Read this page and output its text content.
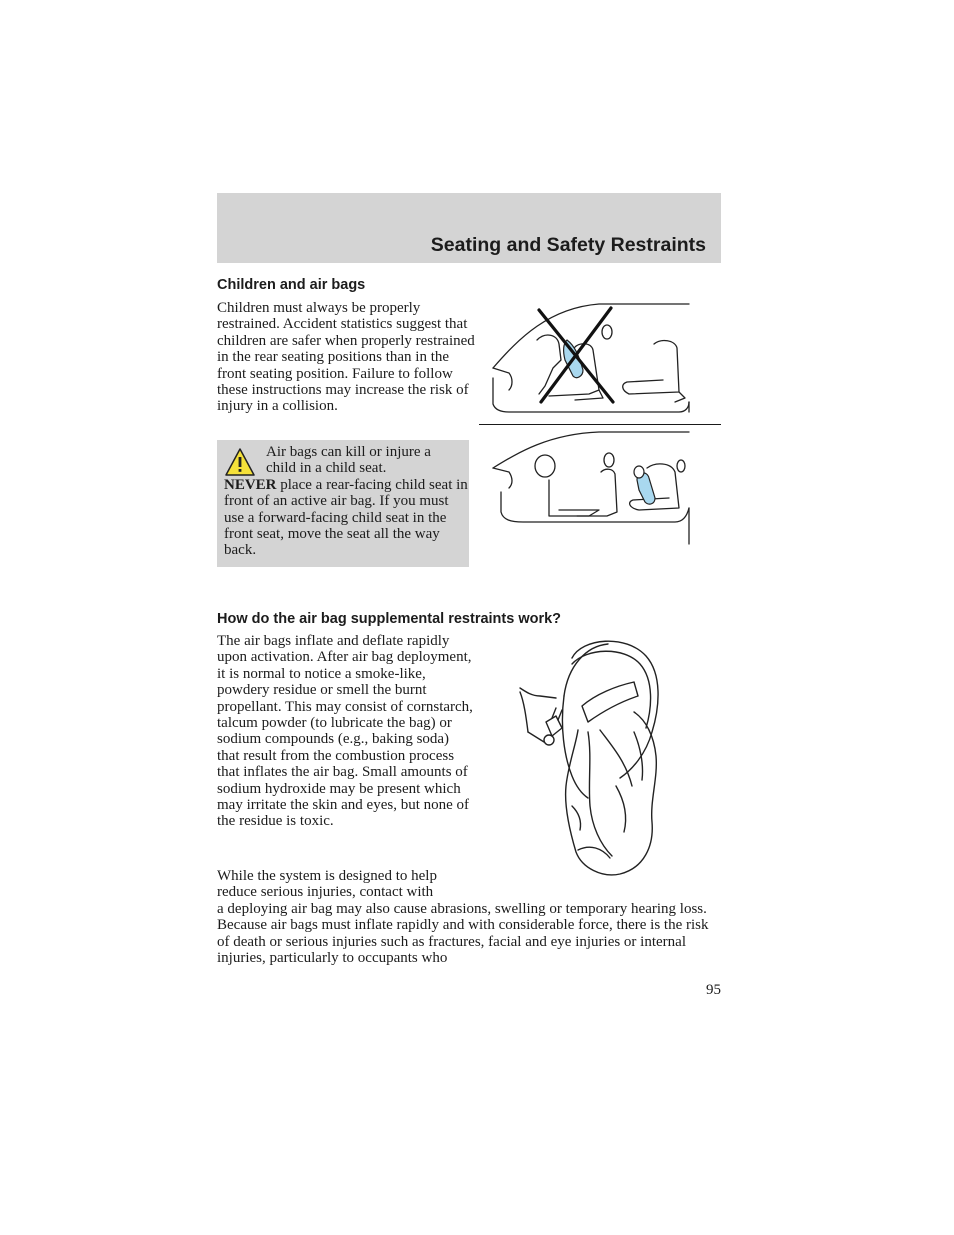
Seating and Safety Restraints
Children and air bags

Children must always be properly restrained. Accident statistics suggest that children are safer when properly restrained in the rear seating positions than in the front seating position. Failure to follow these instructions may increase the risk of injury in a collision.

Air bags can kill or injure a
child in a child seat.
NEVER place a rear-facing child seat in front of an active air bag. If you must use a forward-facing child seat in the front seat, move the seat all the way back.

How do the air bag supplemental restraints work?

The air bags inflate and deflate rapidly upon activation. After air bag deployment, it is normal to notice a smoke-like, powdery residue or smell the burnt propellant. This may consist of cornstarch, talcum powder (to lubricate the bag) or sodium compounds (e.g., baking soda) that result from the combustion process that inflates the air bag. Small amounts of sodium hydroxide may be present which may irritate the skin and eyes, but none of the residue is toxic.

While the system is designed to help reduce serious injuries, contact with

a deploying air bag may also cause abrasions, swelling or temporary hearing loss. Because air bags must inflate rapidly and with considerable force, there is the risk of death or serious injuries such as fractures, facial and eye injuries or internal injuries, particularly to occupants who

95
